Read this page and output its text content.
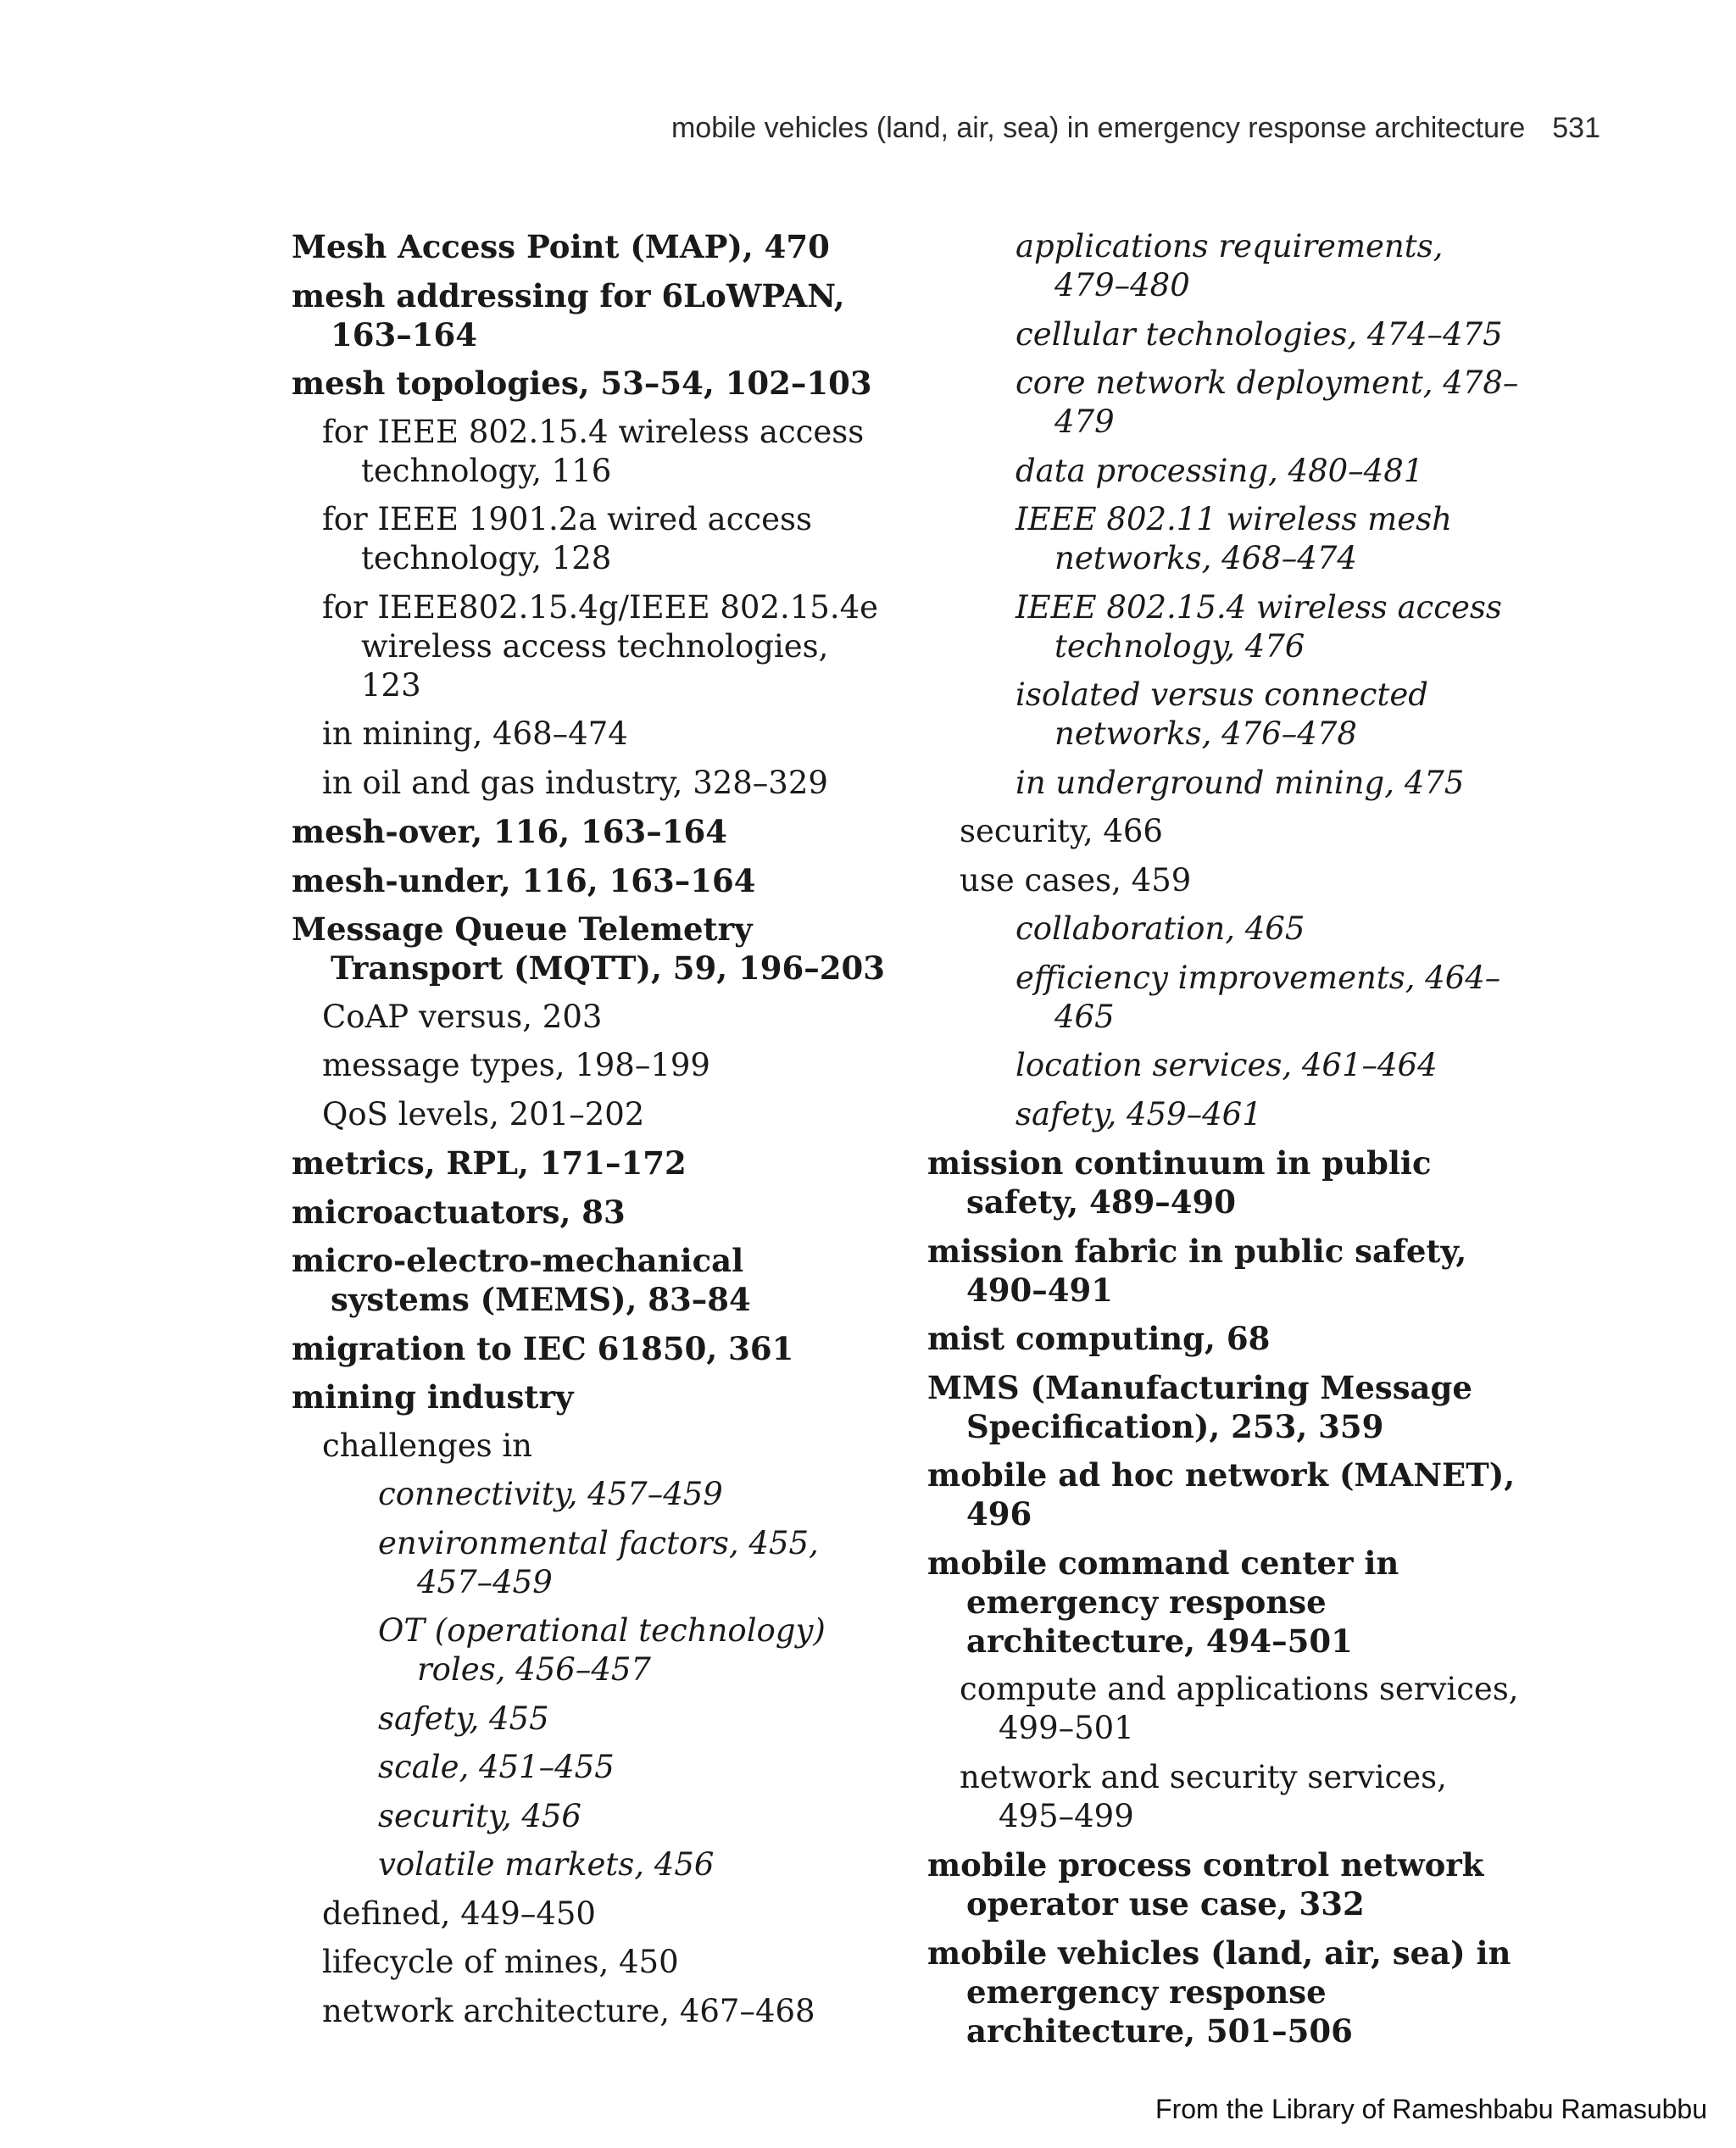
mobile vehicles (land, air, sea) in emergency response architecture 531
Mesh Access Point (MAP), 470
mesh addressing for 6LoWPAN, 163–164
mesh topologies, 53–54, 102–103
for IEEE 802.15.4 wireless access technology, 116
for IEEE 1901.2a wired access technology, 128
for IEEE802.15.4g/IEEE 802.15.4e wireless access technologies, 123
in mining, 468–474
in oil and gas industry, 328–329
mesh-over, 116, 163–164
mesh-under, 116, 163–164
Message Queue Telemetry Transport (MQTT), 59, 196–203
CoAP versus, 203
message types, 198–199
QoS levels, 201–202
metrics, RPL, 171–172
microactuators, 83
micro-electro-mechanical systems (MEMS), 83–84
migration to IEC 61850, 361
mining industry
challenges in
connectivity, 457–459
environmental factors, 455, 457–459
OT (operational technology) roles, 456–457
safety, 455
scale, 451–455
security, 456
volatile markets, 456
defined, 449–450
lifecycle of mines, 450
network architecture, 467–468
applications requirements, 479–480
cellular technologies, 474–475
core network deployment, 478–479
data processing, 480–481
IEEE 802.11 wireless mesh networks, 468–474
IEEE 802.15.4 wireless access technology, 476
isolated versus connected networks, 476–478
in underground mining, 475
security, 466
use cases, 459
collaboration, 465
efficiency improvements, 464–465
location services, 461–464
safety, 459–461
mission continuum in public safety, 489–490
mission fabric in public safety, 490–491
mist computing, 68
MMS (Manufacturing Message Specification), 253, 359
mobile ad hoc network (MANET), 496
mobile command center in emergency response architecture, 494–501
compute and applications services, 499–501
network and security services, 495–499
mobile process control network operator use case, 332
mobile vehicles (land, air, sea) in emergency response architecture, 501–506
From the Library of Rameshbabu Ramasubbu
